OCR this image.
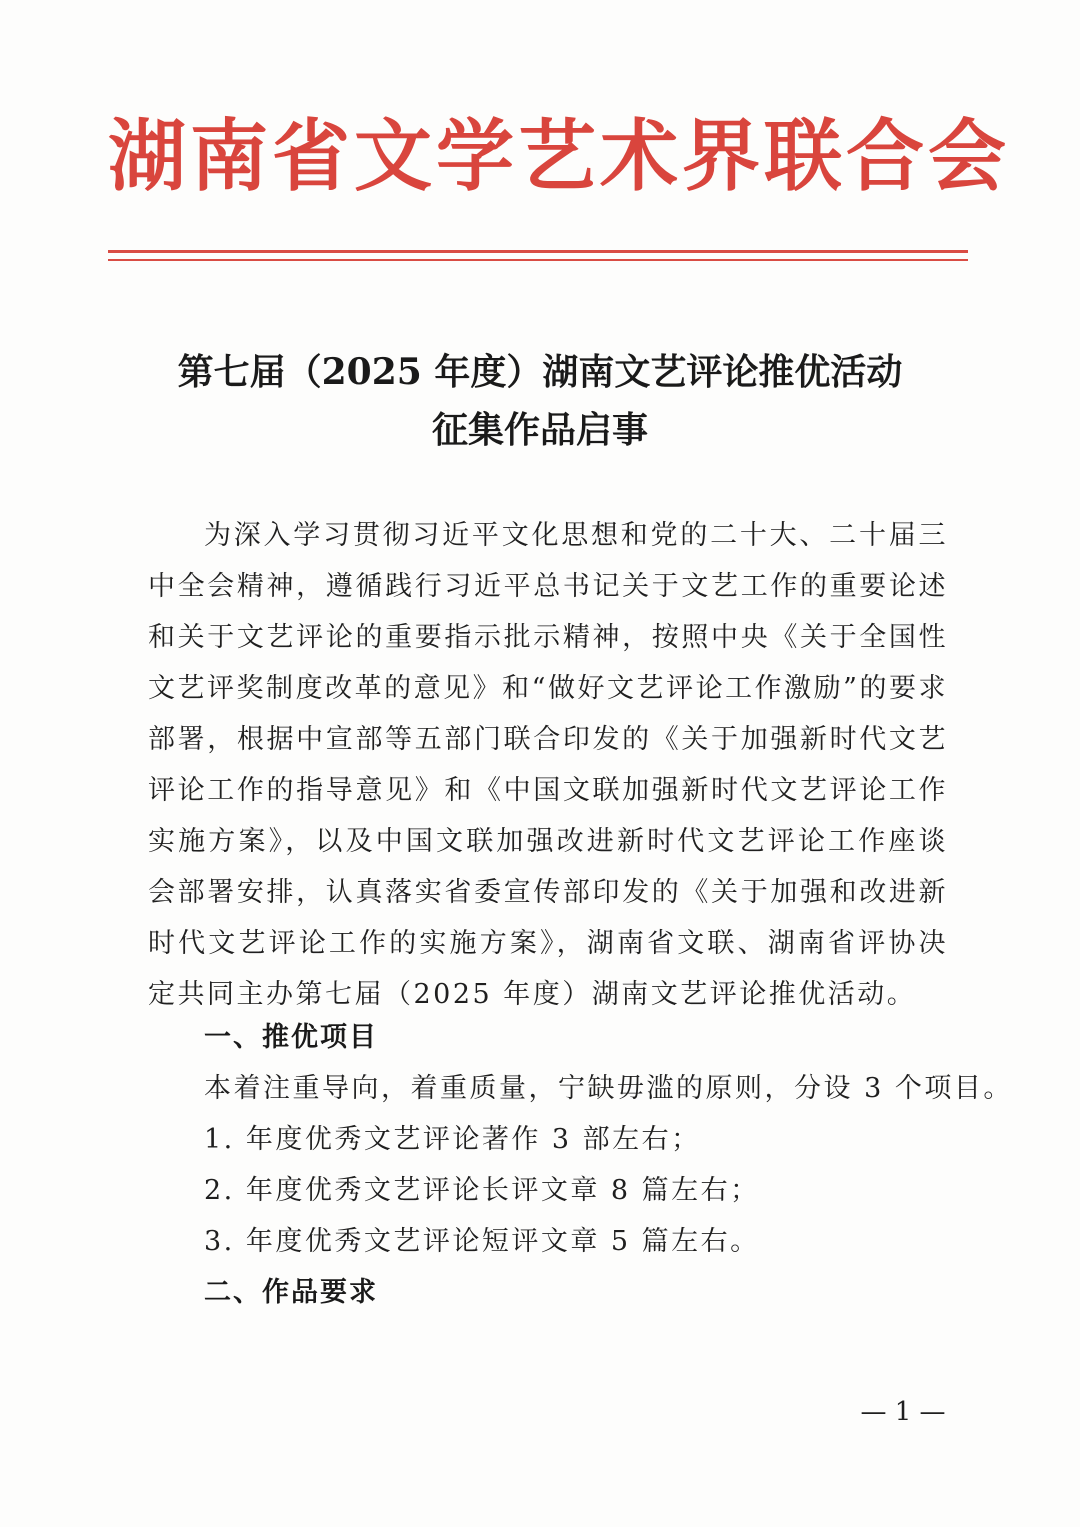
湖南省文学艺术界联合会
第七届（2025 年度）湖南文艺评论推优活动
征集作品启事

为深入学习贯彻习近平文化思想和党的二十大、二十届三中全会精神，遵循践行习近平总书记关于文艺工作的重要论述和关于文艺评论的重要指示批示精神，按照中央《关于全国性文艺评奖制度改革的意见》和“做好文艺评论工作激励”的要求部署，根据中宣部等五部门联合印发的《关于加强新时代文艺评论工作的指导意见》和《中国文联加强新时代文艺评论工作实施方案》，以及中国文联加强改进新时代文艺评论工作座谈会部署安排，认真落实省委宣传部印发的《关于加强和改进新时代文艺评论工作的实施方案》，湖南省文联、湖南省评协决定共同主办第七届（2025 年度）湖南文艺评论推优活动。

一、推优项目
本着注重导向，着重质量，宁缺毋滥的原则，分设 3 个项目。
1. 年度优秀文艺评论著作 3 部左右；
2. 年度优秀文艺评论长评文章 8 篇左右；
3. 年度优秀文艺评论短评文章 5 篇左右。
二、作品要求
— 1 —
